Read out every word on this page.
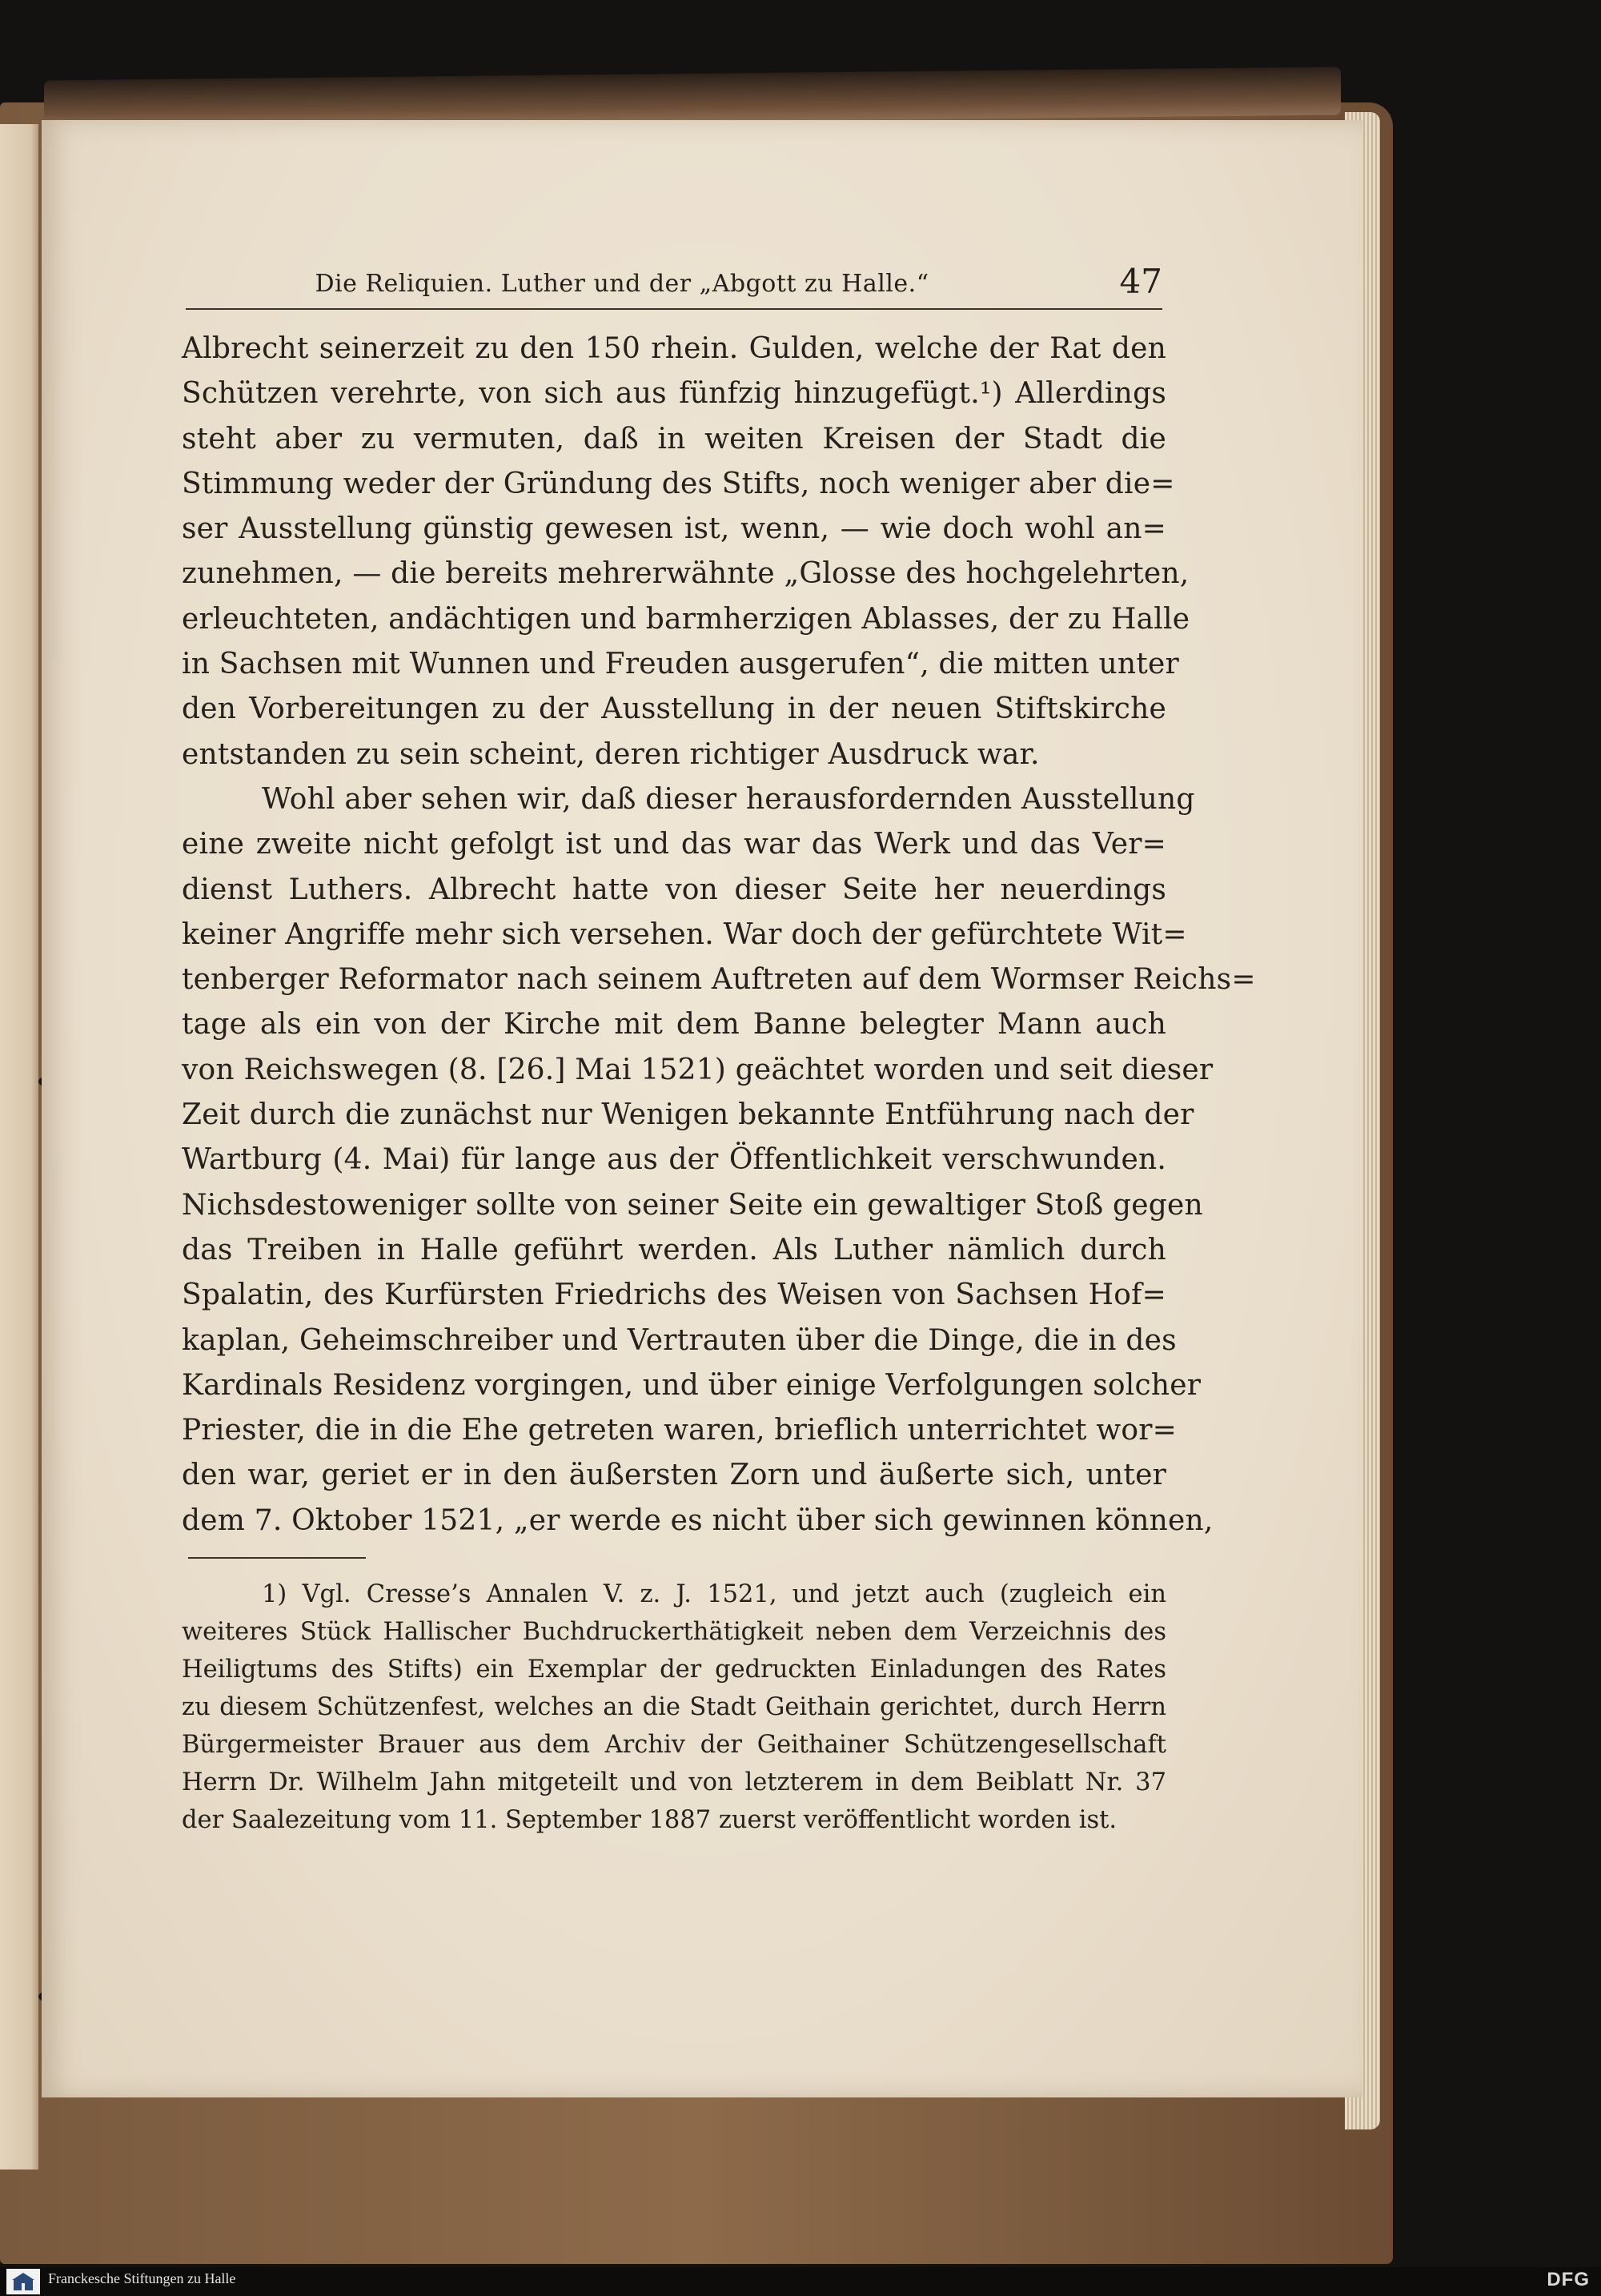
Die Reliquien. Luther und der „Abgott zu Halle.“	47
Albrecht seinerzeit zu den 150 rhein. Gulden, welche der Rat den
Schützen verehrte, von sich aus fünfzig hinzugefügt.¹) Allerdings
steht aber zu vermuten, daß in weiten Kreisen der Stadt die
Stimmung weder der Gründung des Stifts, noch weniger aber die=
ser Ausstellung günstig gewesen ist, wenn, — wie doch wohl an=
zunehmen, — die bereits mehrerwähnte „Glosse des hochgelehrten,
erleuchteten, andächtigen und barmherzigen Ablasses, der zu Halle
in Sachsen mit Wunnen und Freuden ausgerufen“, die mitten unter
den Vorbereitungen zu der Ausstellung in der neuen Stiftskirche
entstanden zu sein scheint, deren richtiger Ausdruck war.
Wohl aber sehen wir, daß dieser herausfordernden Ausstellung
eine zweite nicht gefolgt ist und das war das Werk und das Ver=
dienst Luthers. Albrecht hatte von dieser Seite her neuerdings
keiner Angriffe mehr sich versehen. War doch der gefürchtete Wit=
tenberger Reformator nach seinem Auftreten auf dem Wormser Reichs=
tage als ein von der Kirche mit dem Banne belegter Mann auch
von Reichswegen (8. [26.] Mai 1521) geächtet worden und seit dieser
Zeit durch die zunächst nur Wenigen bekannte Entführung nach der
Wartburg (4. Mai) für lange aus der Öffentlichkeit verschwunden.
Nichsdestoweniger sollte von seiner Seite ein gewaltiger Stoß gegen
das Treiben in Halle geführt werden. Als Luther nämlich durch
Spalatin, des Kurfürsten Friedrichs des Weisen von Sachsen Hof=
kaplan, Geheimschreiber und Vertrauten über die Dinge, die in des
Kardinals Residenz vorgingen, und über einige Verfolgungen solcher
Priester, die in die Ehe getreten waren, brieflich unterrichtet wor=
den war, geriet er in den äußersten Zorn und äußerte sich, unter
dem 7. Oktober 1521, „er werde es nicht über sich gewinnen können,
1) Vgl. Cresse’s Annalen V. z. J. 1521, und jetzt auch (zugleich ein
weiteres Stück Hallischer Buchdruckerthätigkeit neben dem Verzeichnis des
Heiligtums des Stifts) ein Exemplar der gedruckten Einladungen des Rates
zu diesem Schützenfest, welches an die Stadt Geithain gerichtet, durch Herrn
Bürgermeister Brauer aus dem Archiv der Geithainer Schützengesellschaft
Herrn Dr. Wilhelm Jahn mitgeteilt und von letzterem in dem Beiblatt Nr. 37
der Saalezeitung vom 11. September 1887 zuerst veröffentlicht worden ist.
Franckesche Stiftungen zu Halle	DFG
